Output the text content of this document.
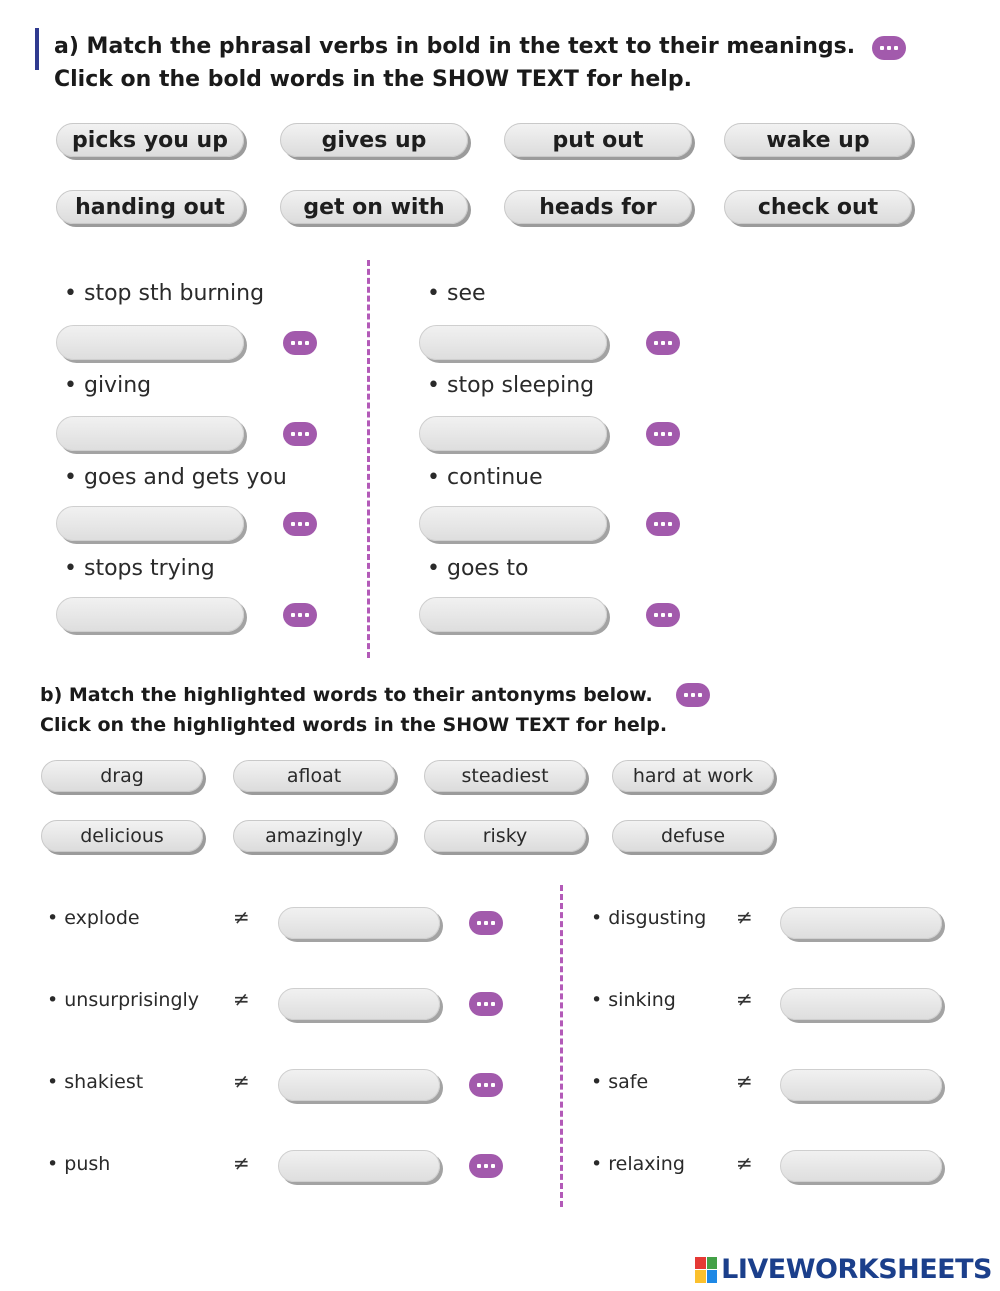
a) Match the phrasal verbs in bold in the text to their meanings.
Click on the bold words in the SHOW TEXT for help.
picks you up	gives up	put out	wake up
handing out	get on with	heads for	check out
• stop sth burning
• giving
• goes and gets you
• stops trying
• see
• stop sleeping
• continue
• goes to
b) Match the highlighted words to their antonyms below.
Click on the highlighted words in the SHOW TEXT for help.
drag	afloat	steadiest	hard at work
delicious	amazingly	risky	defuse
• explode	≠
• unsurprisingly ≠
• shakiest	≠
• push	≠
• disgusting ≠
• sinking	≠
• safe	≠
• relaxing	≠
LIVEWORKSHEETS
